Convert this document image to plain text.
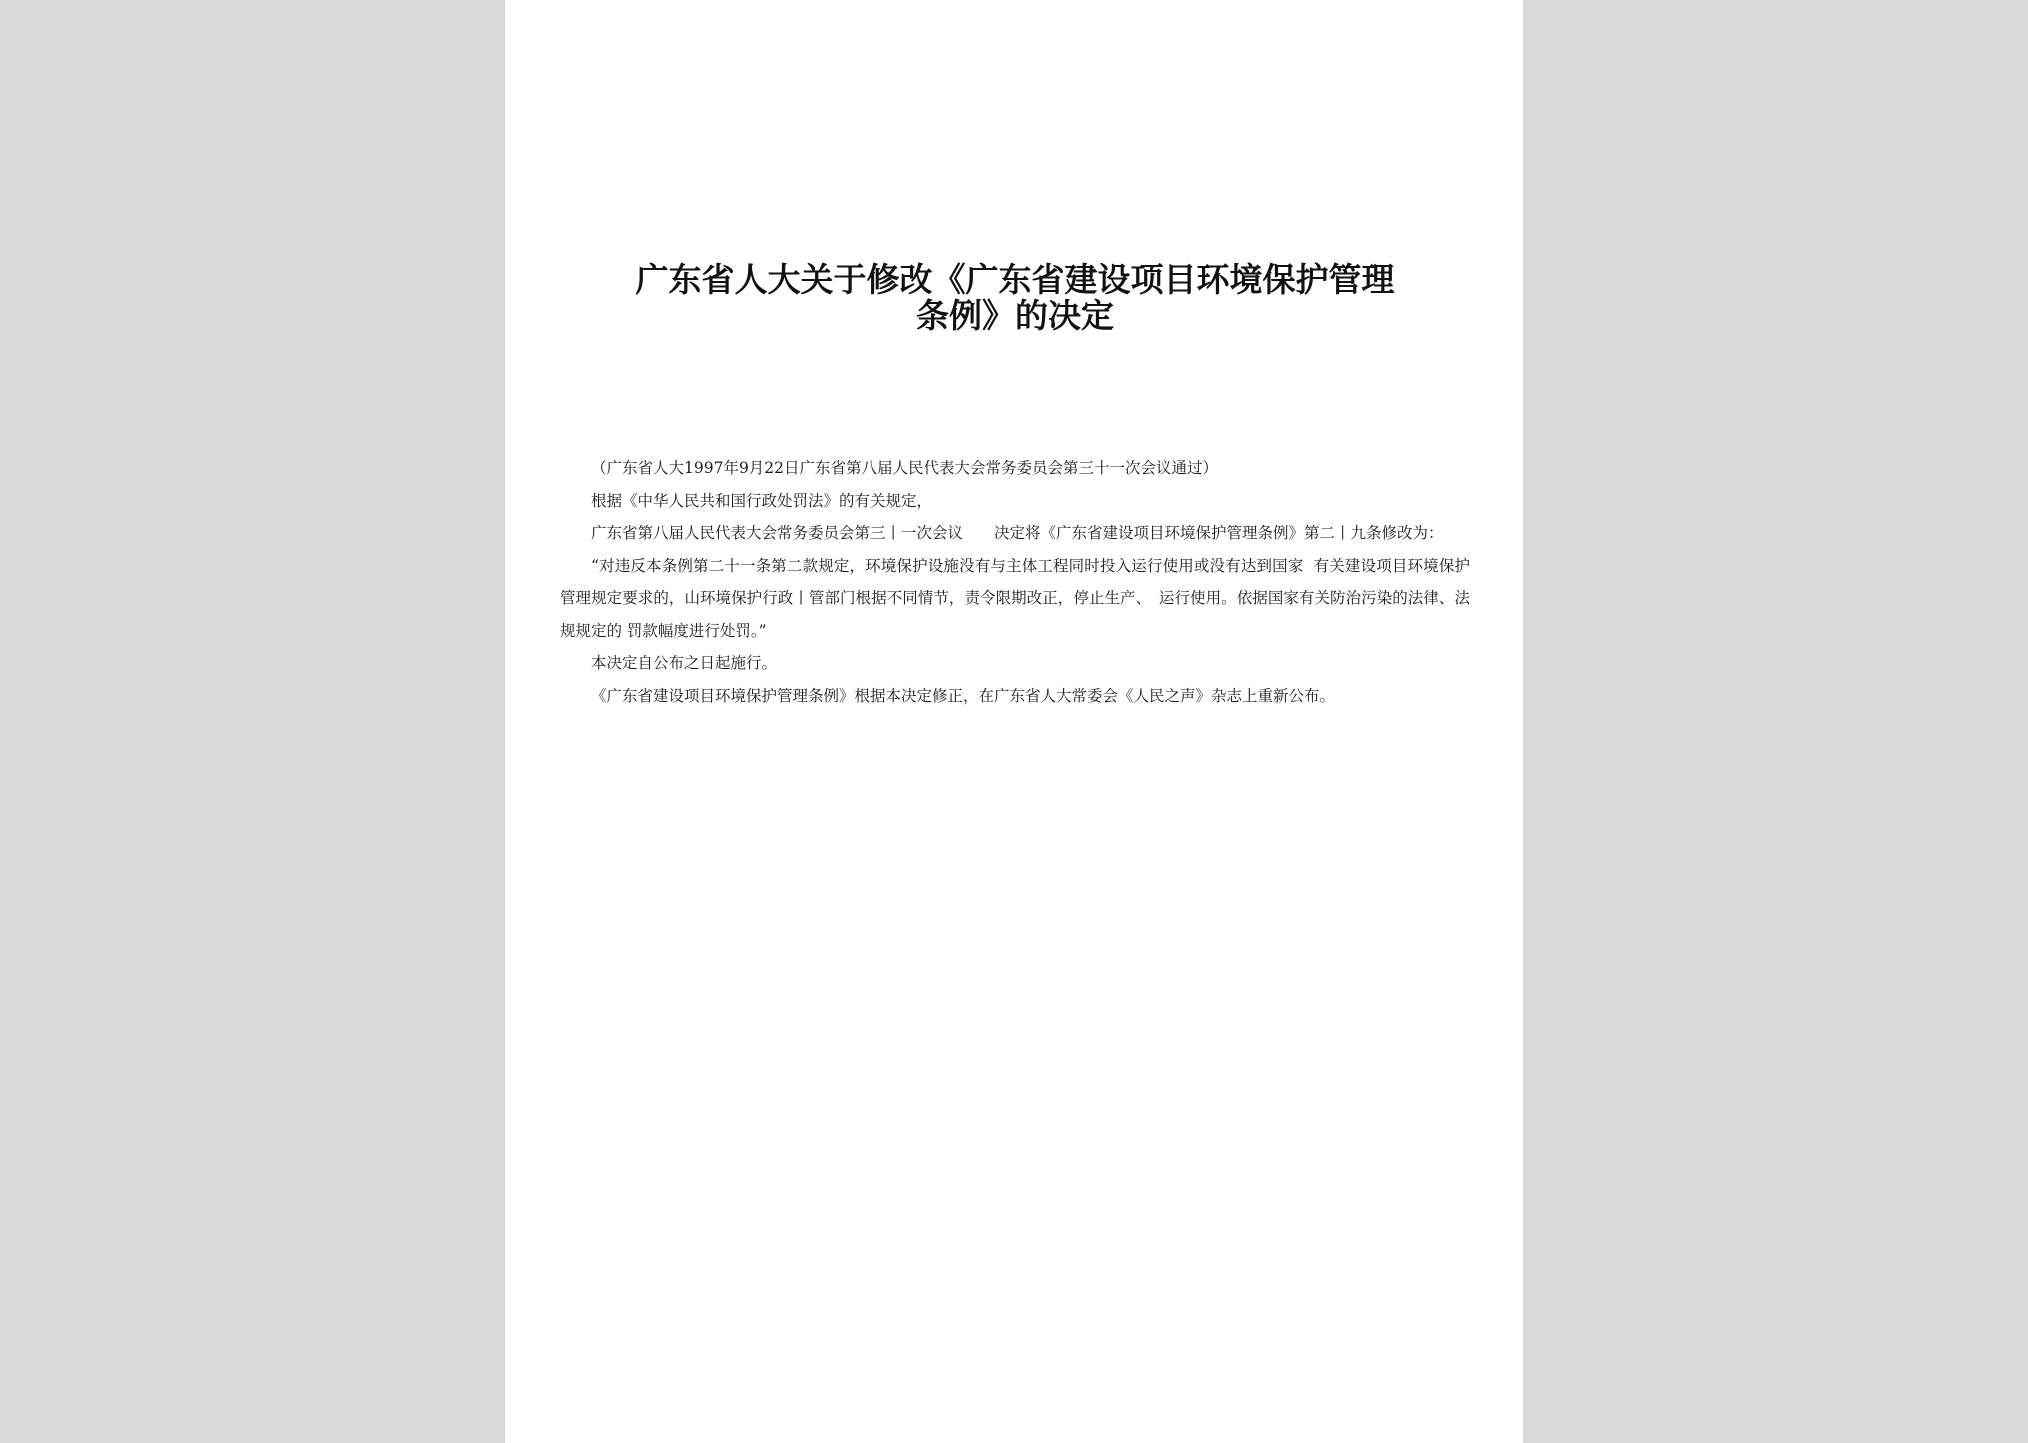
广东省人大关于修改《广东省建设项目环境保护管理
条例》的决定

（广东省人大1997年9月22日广东省第八届人民代表大会常务委员会第三十一次会议通过）

根据《中华人民共和国行政处罚法》的有关规定，

广东省第八届人民代表大会常务委员会第三丨一次会议　　决定将《广东省建设项目环境保护管理条例》第二丨九条修改为：

“对违反本条例第二十一条第二款规定，环境保护设施没有与主体工程同时投入运行使用或没有达到国家  有关建设项目环境保护管理规定要求的，山环境保护行政丨管部门根据不同情节，责令限期改正，停止生产、　运行使用。依据国家有关防治污染的法律、法规规定的 罚款幅度进行处罚。”

本决定自公布之日起施行。

《广东省建设项目环境保护管理条例》根据本决定修正，在广东省人大常委会《人民之声》杂志上重新公布。
